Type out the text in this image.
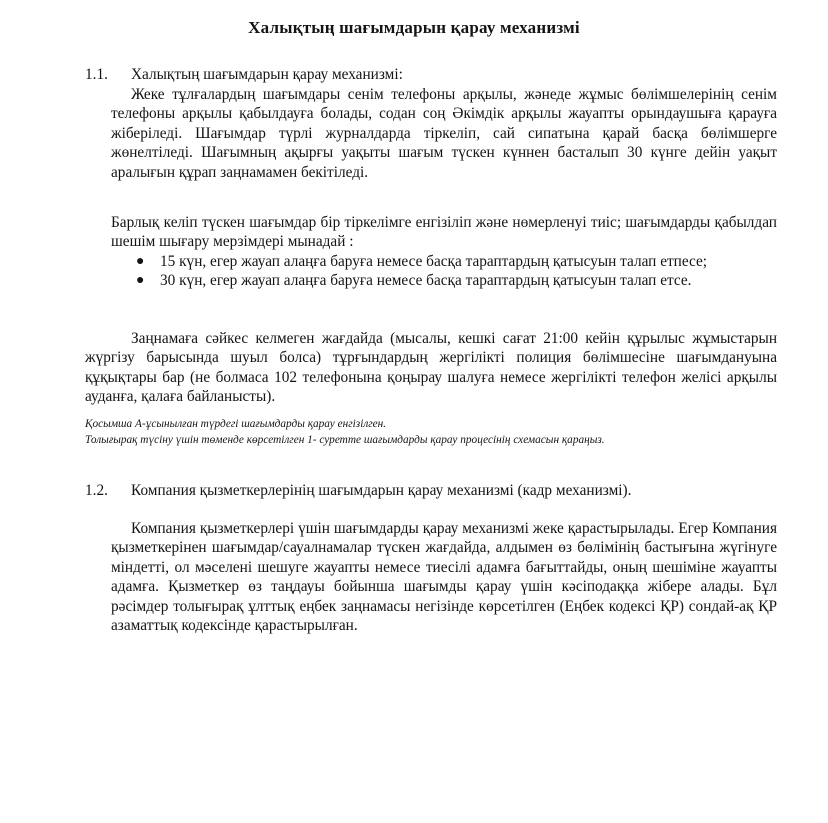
Халықтың шағымдарын қарау механизмі
1.1. Халықтың шағымдарын қарау механизмі:

Жеке тұлғалардың шағымдары сенім телефоны арқылы, жәнеде жұмыс бөлімшелерінің сенім телефоны арқылы қабылдауға болады, содан соң Әкімдік арқылы жауапты орындаушыға қарауға жіберіледі. Шағымдар түрлі журналдарда тіркеліп, сай сипатына қарай басқа бөлімшерге жөнелтіледі. Шағымның ақырғы уақыты шағым түскен күннен басталып 30 күнге дейін уақыт аралығын құрап заңнамамен бекітіледі.

Барлық келіп түскен шағымдар бір тіркелімге енгізіліп және нөмерленуі тиіс; шағымдарды қабылдап шешім шығару мерзімдері мынадай :

● 15 күн, егер жауап алаңға баруға немесе басқа тараптардың қатысуын талап етпесе;
● 30 күн, егер жауап алаңға баруға немесе басқа тараптардың қатысуын талап етсе.

Заңнамаға сәйкес келмеген жағдайда (мысалы, кешкі сағат 21:00 кейін құрылыс жұмыстарын жүргізу барысында шуыл болса) тұрғындардың жергілікті полиция бөлімшесіне шағымдануына құқықтары бар (не болмаса 102 телефонына қоңырау шалуға немесе жергілікті телефон желісі арқылы ауданға, қалаға байланысты).

Қосымша А-ұсынылған түрдегі шағымдарды қарау енгізілген.

Толығырақ түсіну үшін төменде көрсетілген 1- суретте шағымдарды қарау процесінің схемасын қараңыз.

1.2. Компания қызметкерлерінің шағымдарын қарау механизмі (кадр механизмі).

Компания қызметкерлері үшін шағымдарды қарау механизмі жеке қарастырылады. Егер Компания қызметкерінен шағымдар/сауалнамалар түскен жағдайда, алдымен өз бөлімінің бастығына жүгінуге міндетті, ол мәселені шешуге жауапты немесе тиесілі адамға бағыттайды, оның шешіміне жауапты адамға. Қызметкер өз таңдауы бойынша шағымды қарау үшін кәсіподаққа жібере алады. Бұл рәсімдер толығырақ ұлттық еңбек заңнамасы негізінде көрсетілген (Еңбек кодексі ҚР) сондай-ақ ҚР азаматтық кодексінде қарастырылған.
